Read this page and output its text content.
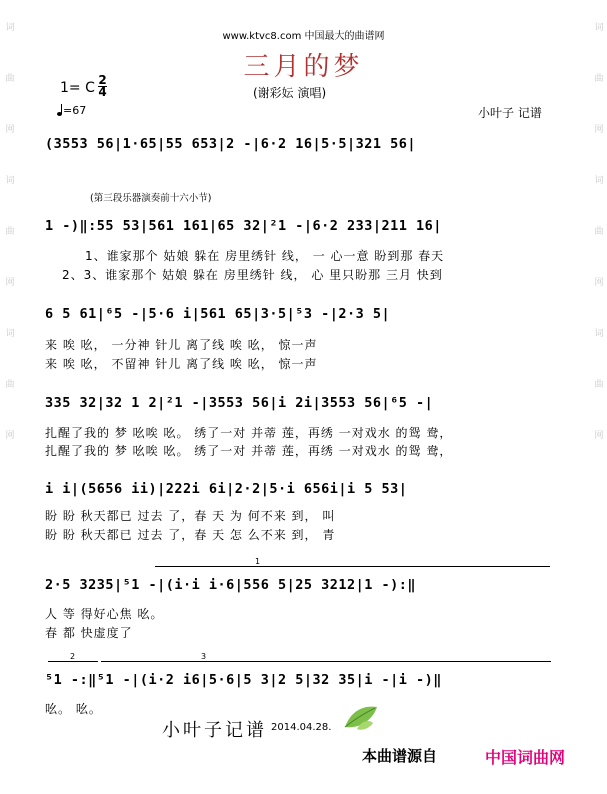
词
曲
网
词
曲
网
词
曲
网
词
曲
网
词
曲
网
词
曲
网
www.ktvc8.com 中国最大的曲谱网
三月的梦
(谢彩妘 演唱)
1= C 2
4
=67	小叶子 记谱
(3553 56|1·65|55 653|2 -|6·2 16|5·5|321 56|
(第三段乐器演奏前十六小节)
1 -)‖:55 53|561 161|65 32|²1 -|6·2 233|211 16|
1、谁家那个 姑娘 躲在 房里绣针 线， 一 心一意 盼到那 春天
2、3、谁家那个 姑娘 躲在 房里绣针 线， 心 里只盼那 三月 快到
6 5 61|⁶5 -|5·6 i|561 65|3·5|⁵3 -|2·3 5|
来 唉 吆， 一分神 针儿 离了线 唉 吆， 惊一声
来 唉 吆， 不留神 针儿 离了线 唉 吆， 惊一声
335 32|32 1 2|²1 -|3553 56|i 2i|3553 56|⁶5 -|
扎醒了我的 梦 吆唉 吆。 绣了一对 并蒂 莲，再绣 一对戏水 的鸳 鸯，
扎醒了我的 梦 吆唉 吆。 绣了一对 并蒂 莲，再绣 一对戏水 的鸳 鸯，
i i|(5656 ii)|222i 6i|2·2|5·i 656i|i 5 53|
盼 盼 秋天都已 过去 了，春 天 为 何不来 到， 叫
盼 盼 秋天都已 过去 了，春 天 怎 么不来 到， 青
1
2·5 3235|⁵1 -|(i·i i·6|556 5|25 3212|1 -):‖
人 等 得好心焦 吆。
春 都 快虚度了
2	3
⁵1 -:‖⁵1 -|(i·2 i6|5·6|5 3|2 5|32 35|i -|i -)‖
吆。 吆。
小叶子记谱 2014.04.28.
本曲谱源自	中国词曲网
